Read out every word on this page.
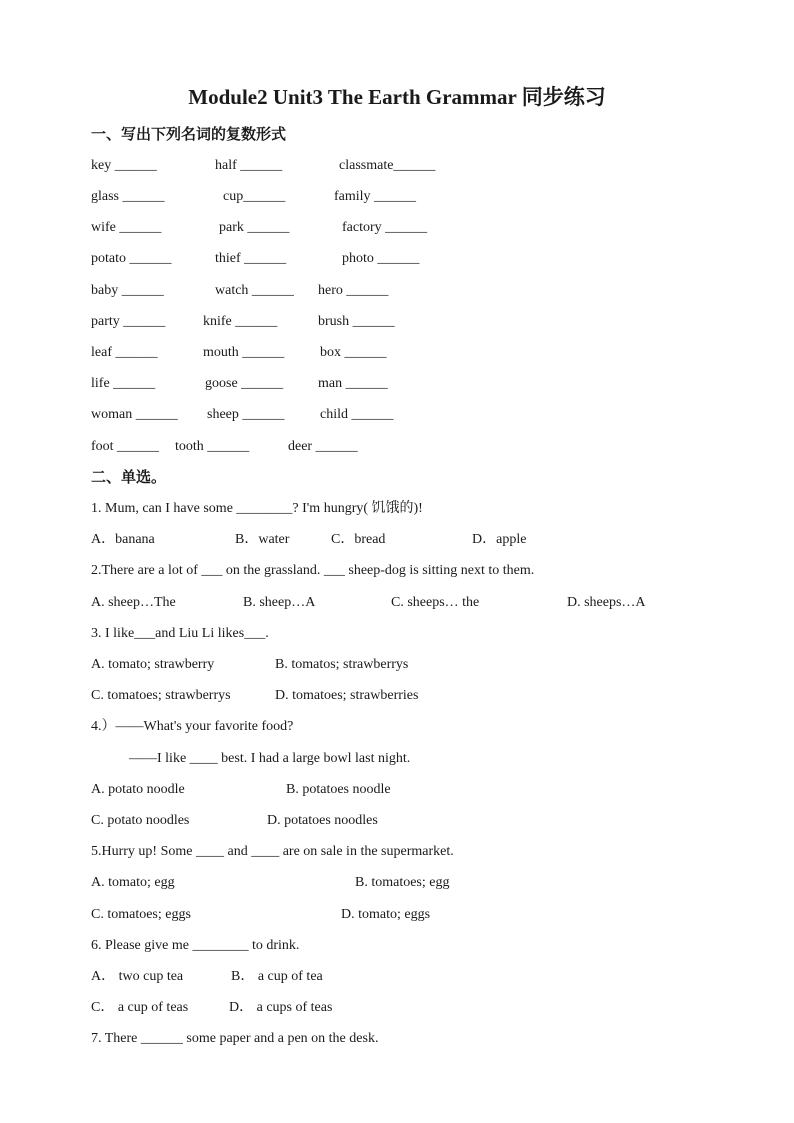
Module2 Unit3 The Earth Grammar 同步练习
一、写出下列名词的复数形式
key ______	half ______	classmate______
glass ______	cup______	family ______
wife ______	park ______	factory ______
potato ______	thief ______	photo ______
baby ______	watch ______ hero ______
party ______	knife ______	brush ______
leaf ______	mouth ______	box ______
life ______	goose ______ man ______
woman ______ sheep ______	child ______
foot ______ tooth ______	deer ______
二、单选。
1. Mum, can I have some ________? I'm hungry( 饥饿的)!
A．banana	B．water	C．bread	D．apple
2.There are a lot of ___ on the grassland. ___ sheep-dog is sitting next to them.
A. sheep…The	B. sheep…A	C. sheeps… the	D. sheeps…A
3. I like___and Liu Li likes___.
A. tomato; strawberry	B. tomatos; strawberrys
C. tomatoes; strawberrys	D. tomatoes; strawberries
4.）——What's your favorite food?
——I like ____ best. I had a large bowl last night.
A. potato noodle	B. potatoes noodle
C. potato noodles	D. potatoes noodles
5.Hurry up! Some ____ and ____ are on sale in the supermarket.
A. tomato; egg	B. tomatoes; egg
C. tomatoes; eggs	D. tomato; eggs
6. Please give me ________ to drink.
A． two cup tea	B． a cup of tea
C． a cup of teas	D． a cups of teas
7. There ______ some paper and a pen on the desk.
